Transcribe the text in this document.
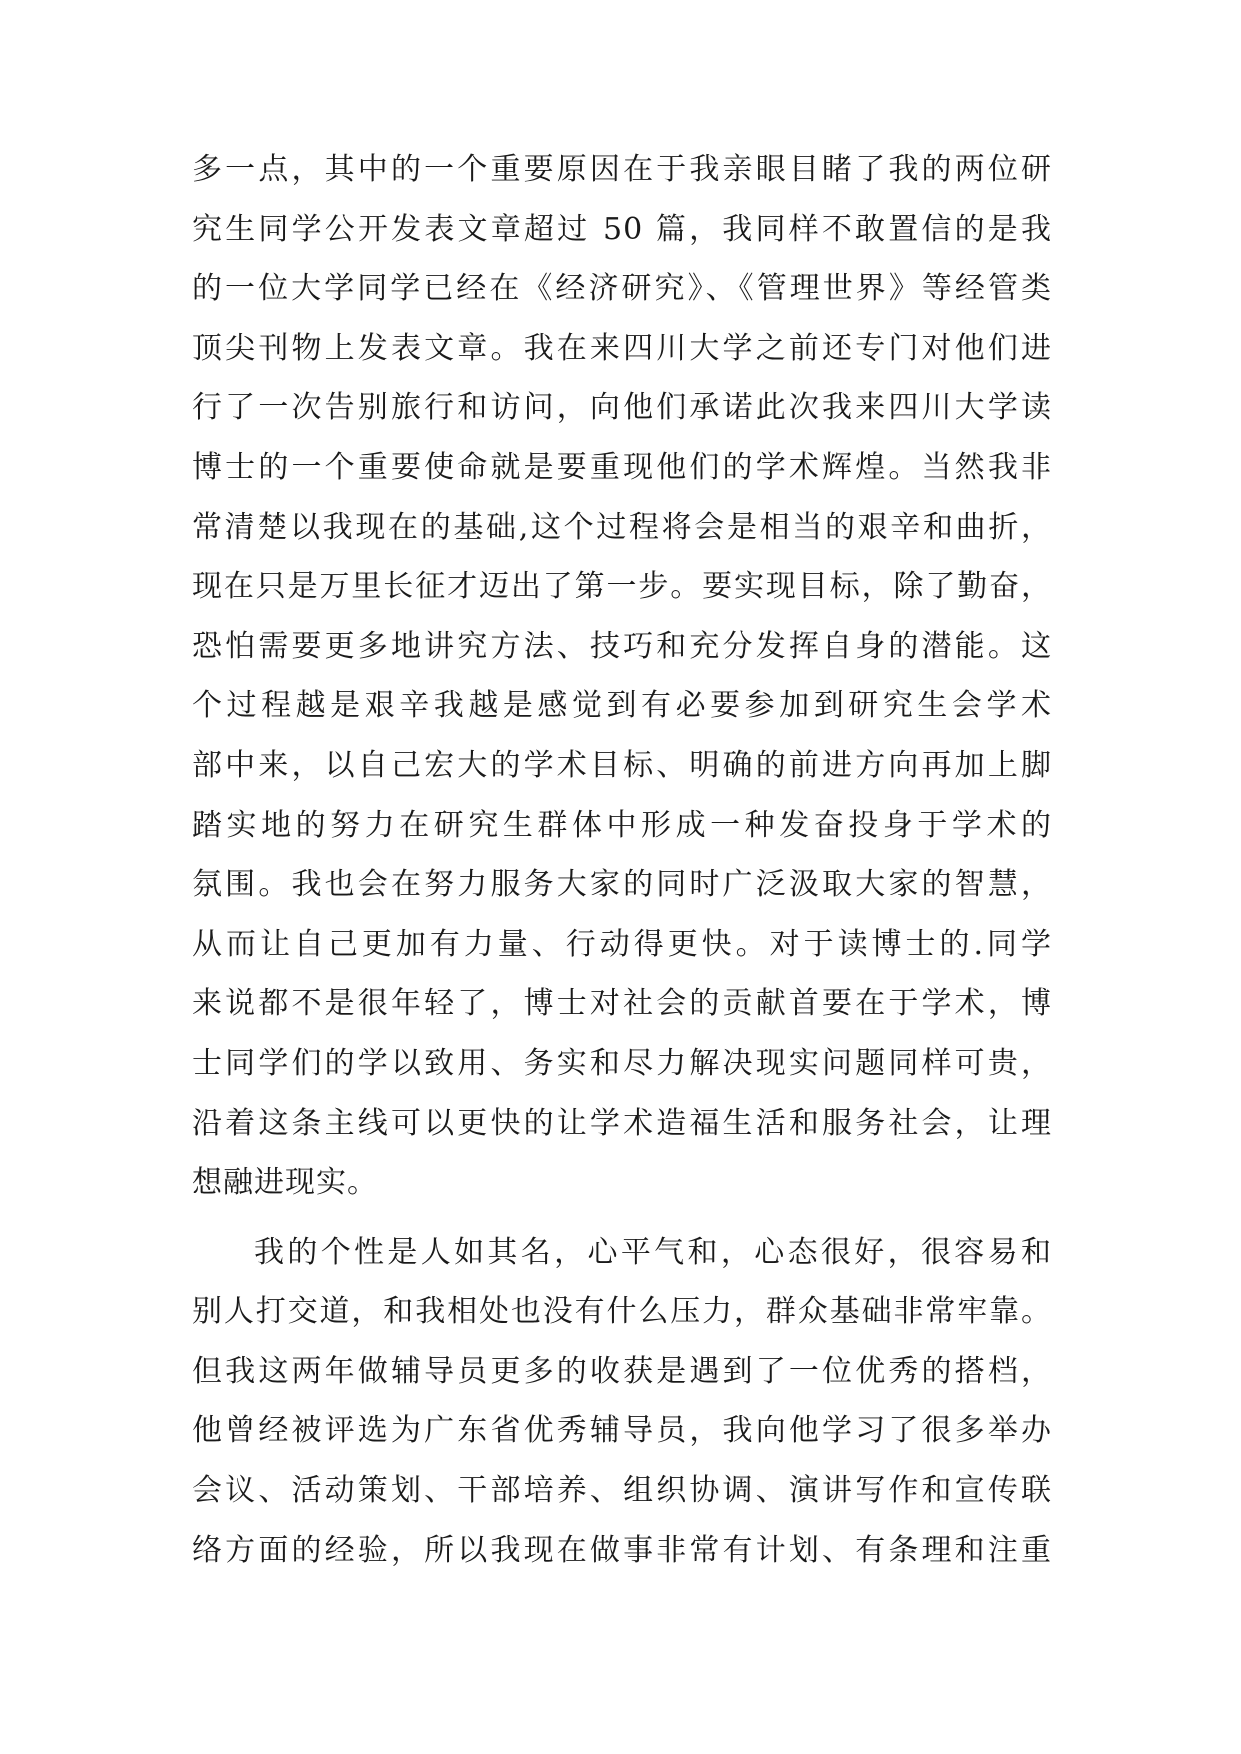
多一点，其中的一个重要原因在于我亲眼目睹了我的两位研
究生同学公开发表文章超过 50 篇，我同样不敢置信的是我
的一位大学同学已经在《经济研究》、《管理世界》等经管类
顶尖刊物上发表文章。我在来四川大学之前还专门对他们进
行了一次告别旅行和访问，向他们承诺此次我来四川大学读
博士的一个重要使命就是要重现他们的学术辉煌。当然我非
常清楚以我现在的基础,这个过程将会是相当的艰辛和曲折，
现在只是万里长征才迈出了第一步。要实现目标，除了勤奋，
恐怕需要更多地讲究方法、技巧和充分发挥自身的潜能。这
个过程越是艰辛我越是感觉到有必要参加到研究生会学术
部中来，以自己宏大的学术目标、明确的前进方向再加上脚
踏实地的努力在研究生群体中形成一种发奋投身于学术的
氛围。我也会在努力服务大家的同时广泛汲取大家的智慧，
从而让自己更加有力量、行动得更快。对于读博士的.同学
来说都不是很年轻了，博士对社会的贡献首要在于学术，博
士同学们的学以致用、务实和尽力解决现实问题同样可贵，
沿着这条主线可以更快的让学术造福生活和服务社会，让理
想融进现实。
我的个性是人如其名，心平气和，心态很好，很容易和
别人打交道，和我相处也没有什么压力，群众基础非常牢靠。
但我这两年做辅导员更多的收获是遇到了一位优秀的搭档，
他曾经被评选为广东省优秀辅导员，我向他学习了很多举办
会议、活动策划、干部培养、组织协调、演讲写作和宣传联
络方面的经验，所以我现在做事非常有计划、有条理和注重
